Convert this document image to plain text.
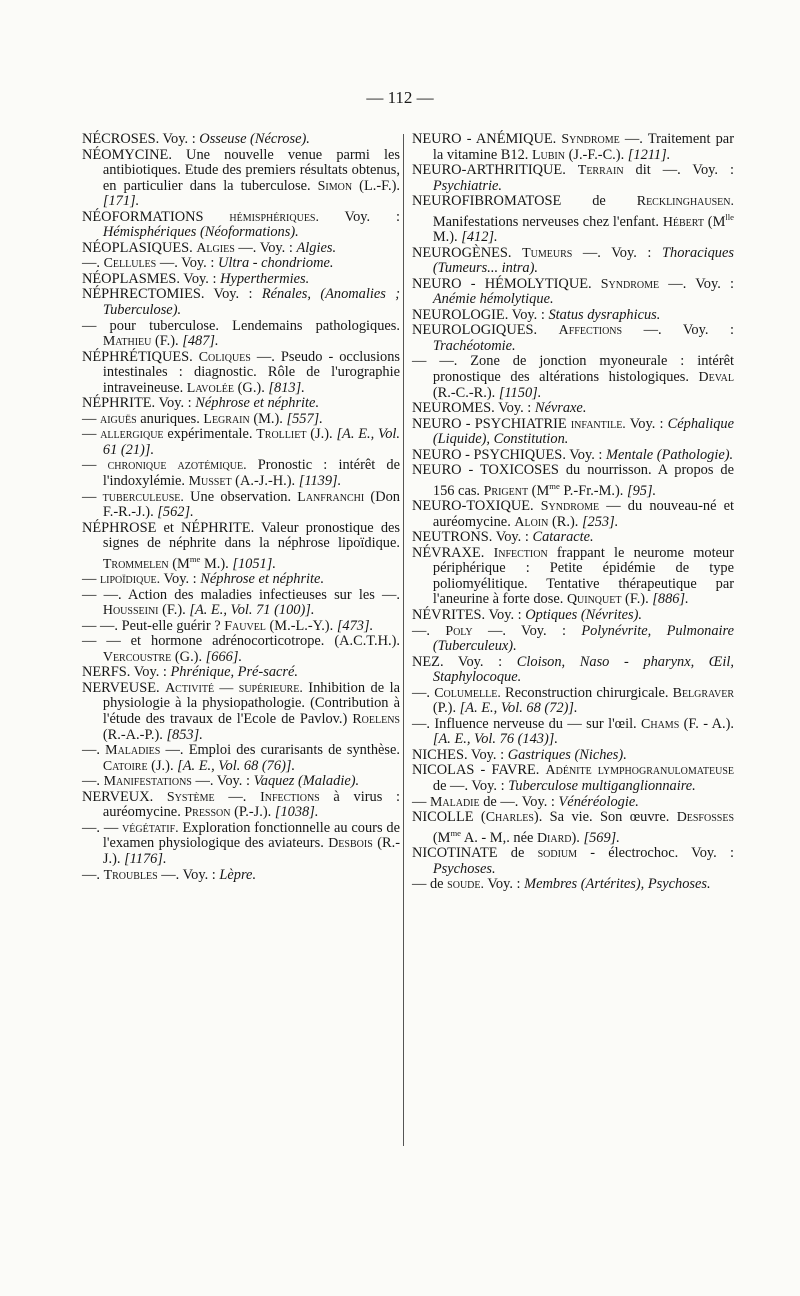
— 112 —

NÉCROSES. Voy. : Osseuse (Nécrose).

NÉOMYCINE. Une nouvelle venue parmi les antibiotiques. Etude des premiers résultats obtenus, en particulier dans la tuberculose. Simon (L.-F.). [171].

NÉOFORMATIONS hémisphériques. Voy. : Hémisphériques (Néoformations).

NÉOPLASIQUES. Algies —. Voy. : Algies.

—. Cellules —. Voy. : Ultra - chondriome.

NÉOPLASMES. Voy. : Hyperthermies.

NÉPHRECTOMIES. Voy. : Rénales, (Anomalies ; Tuberculose).

— pour tuberculose. Lendemains pathologiques. Mathieu (F.). [487].

NÉPHRÉTIQUES. Coliques —. Pseudo - occlusions intestinales : diagnostic. Rôle de l'urographie intraveineuse. Lavolée (G.). [813].

NÉPHRITE. Voy. : Néphrose et néphrite.

— aiguës anuriques. Legrain (M.). [557].

— allergique expérimentale. Trolliet (J.). [A. E., Vol. 61 (21)].

— chronique azotémique. Pronostic : intérêt de l'indoxylémie. Musset (A.-J.-H.). [1139].

— tuberculeuse. Une observation. Lanfranchi (Don F.-R.-J.). [562].

NÉPHROSE et NÉPHRITE. Valeur pronostique des signes de néphrite dans la néphrose lipoïdique. Trommelen ($M^{me}$ M.). [1051].

— lipoïdique. Voy. : Néphrose et néphrite.

— —. Action des maladies infectieuses sur les —. Housseini (F.). [A. E., Vol. 71 (100)].

— —. Peut-elle guérir ? Fauvel (M.-L.-Y.). [473].

— — et hormone adrénocorticotrope. (A.C.T.H.). Vercoustre (G.). [666].

NERFS. Voy. : Phrénique, Pré-sacré.

NERVEUSE. Activité — supérieure. Inhibition de la physiologie à la physiopathologie. (Contribution à l'étude des travaux de l'Ecole de Pavlov.) Roelens (R.-A.-P.). [853].

—. Maladies —. Emploi des curarisants de synthèse. Catoire (J.). [A. E., Vol. 68 (76)].

—. Manifestations —. Voy. : Vaquez (Maladie).

NERVEUX. Système —. Infections à virus : auréomycine. Presson (P.-J.). [1038].

—. — végétatif. Exploration fonctionnelle au cours de l'examen physiologique des aviateurs. Desbois (R.-J.). [1176].

—. Troubles —. Voy. : Lèpre.

NEURO - ANÉMIQUE. Syndrome —. Traitement par la vitamine B12. Lubin (J.-F.-C.). [1211].

NEURO-ARTHRITIQUE. Terrain dit —. Voy. : Psychiatrie.

NEUROFIBROMATOSE de Recklinghausen. Manifestations nerveuses chez l'enfant. Hébert ($M^{lle}$ M.). [412].

NEUROGÈNES. Tumeurs —. Voy. : Thoraciques (Tumeurs... intra).

NEURO - HÉMOLYTIQUE. Syndrome —. Voy. : Anémie hémolytique.

NEUROLOGIE. Voy. : Status dysraphicus.

NEUROLOGIQUES. Affections —. Voy. : Trachéotomie.

— —. Zone de jonction myoneurale : intérêt pronostique des altérations histologiques. Deval (R.-C.-R.). [1150].

NEUROMES. Voy. : Névraxe.

NEURO - PSYCHIATRIE infantile. Voy. : Céphalique (Liquide), Constitution.

NEURO - PSYCHIQUES. Voy. : Mentale (Pathologie).

NEURO - TOXICOSES du nourrisson. A propos de 156 cas. Prigent ($M^{me}$ P.-Fr.-M.). [95].

NEURO-TOXIQUE. Syndrome — du nouveau-né et auréomycine. Aloin (R.). [253].

NEUTRONS. Voy. : Cataracte.

NÉVRAXE. Infection frappant le neurome moteur périphérique : Petite épidémie de type poliomyélitique. Tentative thérapeutique par l'aneurine à forte dose. Quinquet (F.). [886].

NÉVRITES. Voy. : Optiques (Névrites).

—. Poly —. Voy. : Polynévrite, Pulmonaire (Tuberculeux).

NEZ. Voy. : Cloison, Naso - pharynx, Œil, Staphylocoque.

—. Columelle. Reconstruction chirurgicale. Belgraver (P.). [A. E., Vol. 68 (72)].

—. Influence nerveuse du — sur l'œil. Chams (F. - A.). [A. E., Vol. 76 (143)].

NICHES. Voy. : Gastriques (Niches).

NICOLAS - FAVRE. Adénite lymphogranulomateuse de —. Voy. : Tuberculose multiganglionnaire.

— Maladie de —. Voy. : Vénéréologie.

NICOLLE (Charles). Sa vie. Son œuvre. Desfosses ($M^{me}$ A. - M,. née Diard). [569].

NICOTINATE de sodium - électrochoc. Voy. : Psychoses.

— de soude. Voy. : Membres (Artérites), Psychoses.
